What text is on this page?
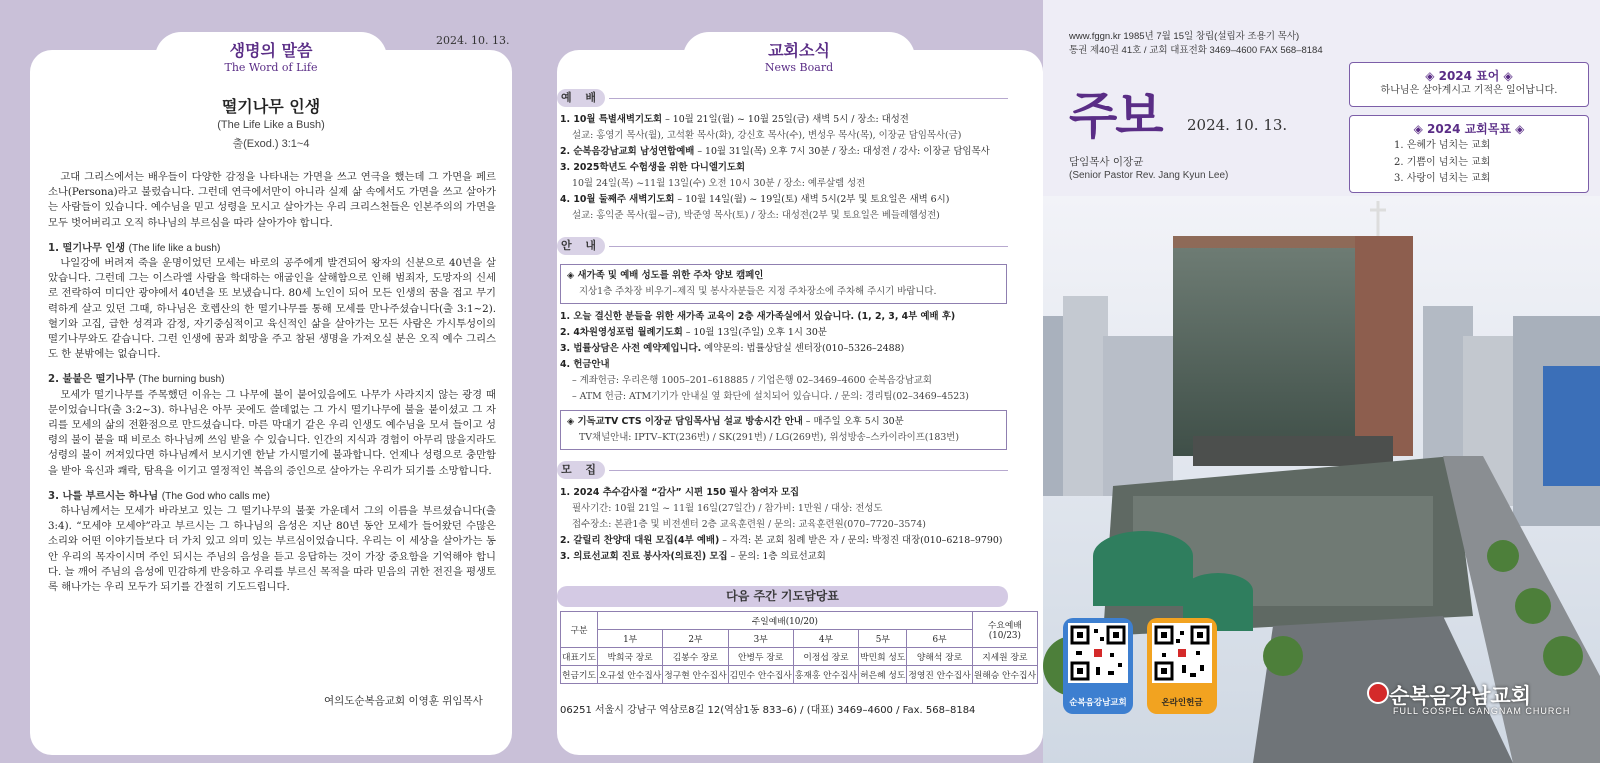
생명의 말씀
The Word of Life
2024. 10. 13.
떨기나무 인생
(The Life Like a Bush)
출(Exod.) 3:1~4

고대 그리스에서는 배우들이 다양한 감정을 나타내는 가면을 쓰고 연극을 했는데 그 가면을 페르소나(Persona)라고 불렀습니다. 그런데 연극에서만이 아니라 실제 삶 속에서도 가면을 쓰고 살아가는 사람들이 있습니다. 예수님을 믿고 성령을 모시고 살아가는 우리 크리스천들은 인본주의의 가면을 모두 벗어버리고 오직 하나님의 부르심을 따라 살아가야 합니다.

1. 떨기나무 인생 (The life like a bush)
나일강에 버려져 죽을 운명이었던 모세는 바로의 공주에게 발견되어 왕자의 신분으로 40년을 살았습니다. 그런데 그는 이스라엘 사람을 학대하는 애굽인을 살해함으로 인해 범죄자, 도망자의 신세로 전락하여 미디안 광야에서 40년을 또 보냈습니다. 80세 노인이 되어 모든 인생의 꿈을 접고 무기력하게 살고 있던 그때, 하나님은 호렙산의 한 떨기나무를 통해 모세를 만나주셨습니다(출 3:1~2). 혈기와 고집, 급한 성격과 감정, 자기중심적이고 육신적인 삶을 살아가는 모든 사람은 가시투성이의 떨기나무와도 같습니다. 그런 인생에 꿈과 희망을 주고 참된 생명을 가져오실 분은 오직 예수 그리스도 한 분밖에는 없습니다.
2. 불붙은 떨기나무 (The burning bush)
모세가 떨기나무를 주목했던 이유는 그 나무에 불이 붙어있음에도 나무가 사라지지 않는 광경 때문이었습니다(출 3:2~3). 하나님은 아무 곳에도 쓸데없는 그 가시 떨기나무에 불을 붙이셨고 그 자리를 모세의 삶의 전환점으로 만드셨습니다. 마른 막대기 같은 우리 인생도 예수님을 모셔 들이고 성령의 불이 붙을 때 비로소 하나님께 쓰임 받을 수 있습니다. 인간의 지식과 경험이 아무리 많을지라도 성령의 불이 꺼져있다면 하나님께서 보시기엔 한낱 가시떨기에 불과합니다. 언제나 성령으로 충만함을 받아 육신과 쾌락, 탐욕을 이기고 열정적인 복음의 증인으로 살아가는 우리가 되기를 소망합니다.
3. 나를 부르시는 하나님 (The God who calls me)
하나님께서는 모세가 바라보고 있는 그 떨기나무의 불꽃 가운데서 그의 이름을 부르셨습니다(출 3:4). “모세야 모세야”라고 부르시는 그 하나님의 음성은 지난 80년 동안 모세가 들어왔던 수많은 소리와 어떤 이야기들보다 더 가치 있고 의미 있는 부르심이었습니다. 우리는 이 세상을 살아가는 동안 우리의 목자이시며 주인 되시는 주님의 음성을 듣고 응답하는 것이 가장 중요함을 기억해야 합니다. 늘 깨어 주님의 음성에 민감하게 반응하고 우리를 부르신 목적을 따라 믿음의 귀한 전진을 평생토록 해나가는 우리 모두가 되기를 간절히 기도드립니다.
여의도순복음교회 이영훈 위임목사
교회소식
News Board
예 배
1. 10월 특별새벽기도회 – 10월 21일(월) ~ 10월 25일(금) 새벽 5시 / 장소: 대성전
설교: 홍영기 목사(월), 고석환 목사(화), 강신호 목사(수), 변성우 목사(목), 이장균 담임목사(금)
2. 순복음강남교회 남성연합예배 – 10월 31일(목) 오후 7시 30분 / 장소: 대성전 / 강사: 이장균 담임목사
3. 2025학년도 수험생을 위한 다니엘기도회
10월 24일(목) ~11월 13일(수) 오전 10시 30분 / 장소: 예루살렘 성전
4. 10월 둘째주 새벽기도회 – 10월 14일(월) ~ 19일(토) 새벽 5시(2부 및 토요일은 새벽 6시)
설교: 홍익준 목사(월~금), 박준영 목사(토) / 장소: 대성전(2부 및 토요일은 베들레헴성전)
안 내
◈ 새가족 및 예배 성도를 위한 주차 양보 캠페인
지상1층 주차장 비우기–제직 및 봉사자분들은 지정 주차장소에 주차해 주시기 바랍니다.
1. 오늘 결신한 분들을 위한 새가족 교육이 2층 새가족실에서 있습니다. (1, 2, 3, 4부 예배 후)
2. 4차원영성포럼 월례기도회 – 10월 13일(주일) 오후 1시 30분
3. 법률상담은 사전 예약제입니다. 예약문의: 법률상담실 센터장(010–5326–2488)
4. 헌금안내
– 계좌헌금: 우리은행 1005–201–618885 / 기업은행 02–3469–4600 순복음강남교회
– ATM 헌금: ATM기기가 안내실 옆 화단에 설치되어 있습니다. / 문의: 경리팀(02–3469–4523)
◈ 기독교TV CTS 이장균 담임목사님 설교 방송시간 안내 – 매주일 오후 5시 30분
TV채널안내: IPTV–KT(236번) / SK(291번) / LG(269번), 위성방송–스카이라이프(183번)
모 집
1. 2024 추수감사절 “감사” 시편 150 필사 참여자 모집
필사기간: 10월 21일 ~ 11월 16일(27일간) / 참가비: 1만원 / 대상: 전성도
접수장소: 본관1층 및 비전센터 2층 교육훈련원 / 문의: 교육훈련원(070–7720–3574)
2. 갈릴리 찬양대 대원 모집(4부 예배) – 자격: 본 교회 침례 받은 자 / 문의: 박정진 대장(010–6218–9790)
3. 의료선교회 진료 봉사자(의료진) 모집 – 문의: 1층 의료선교회
다음 주간 기도담당표
구분	주일예배(10/20)						수요예배
(10/23)
	1부	2부	3부	4부	5부	6부	
대표기도	박희국 장로	김봉수 장로	안병두 장로	이정섭 장로	박민희 성도	양해석 장로	지세원 장로
헌금기도	오규설 안수집사	정구현 안수집사	김민수 안수집사	홍재홍 안수집사	허은혜 성도	정영진 안수집사	원해승 안수집사
06251 서울시 강남구 역삼로8길 12(역삼1동 833–6) / (대표) 3469–4600 / Fax. 568–8184
www.fggn.kr 1985년 7월 15일 창립(설립자 조용기 목사)
통권 제40권 41호 / 교회 대표전화 3469–4600 FAX 568–8184
주보 2024. 10. 13.
담임목사 이장균
(Senior Pastor Rev. Jang Kyun Lee)
◈ 2024 표어 ◈
하나님은 살아계시고 기적은 일어납니다.
◈ 2024 교회목표 ◈
1. 은혜가 넘치는 교회
2. 기쁨이 넘치는 교회
3. 사랑이 넘치는 교회
순복음강남교회	온라인헌금	순복음강남교회
FULL GOSPEL GANGNAM CHURCH
